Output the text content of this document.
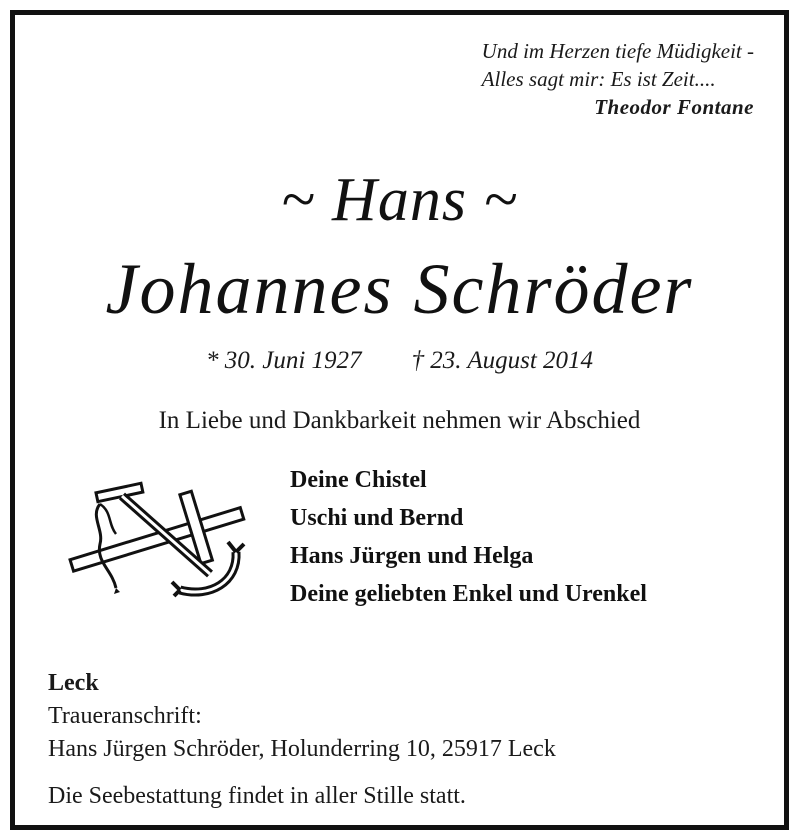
Und im Herzen tiefe Müdigkeit -
Alles sagt mir: Es ist Zeit....
Theodor Fontane
~ Hans ~
Johannes Schröder
* 30. Juni 1927 † 23. August 2014
In Liebe und Dankbarkeit nehmen wir Abschied
Deine Chistel
Uschi und Bernd
Hans Jürgen und Helga
Deine geliebten Enkel und Urenkel
Leck
Traueranschrift:
Hans Jürgen Schröder, Holunderring 10, 25917 Leck
Die Seebestattung findet in aller Stille statt.
